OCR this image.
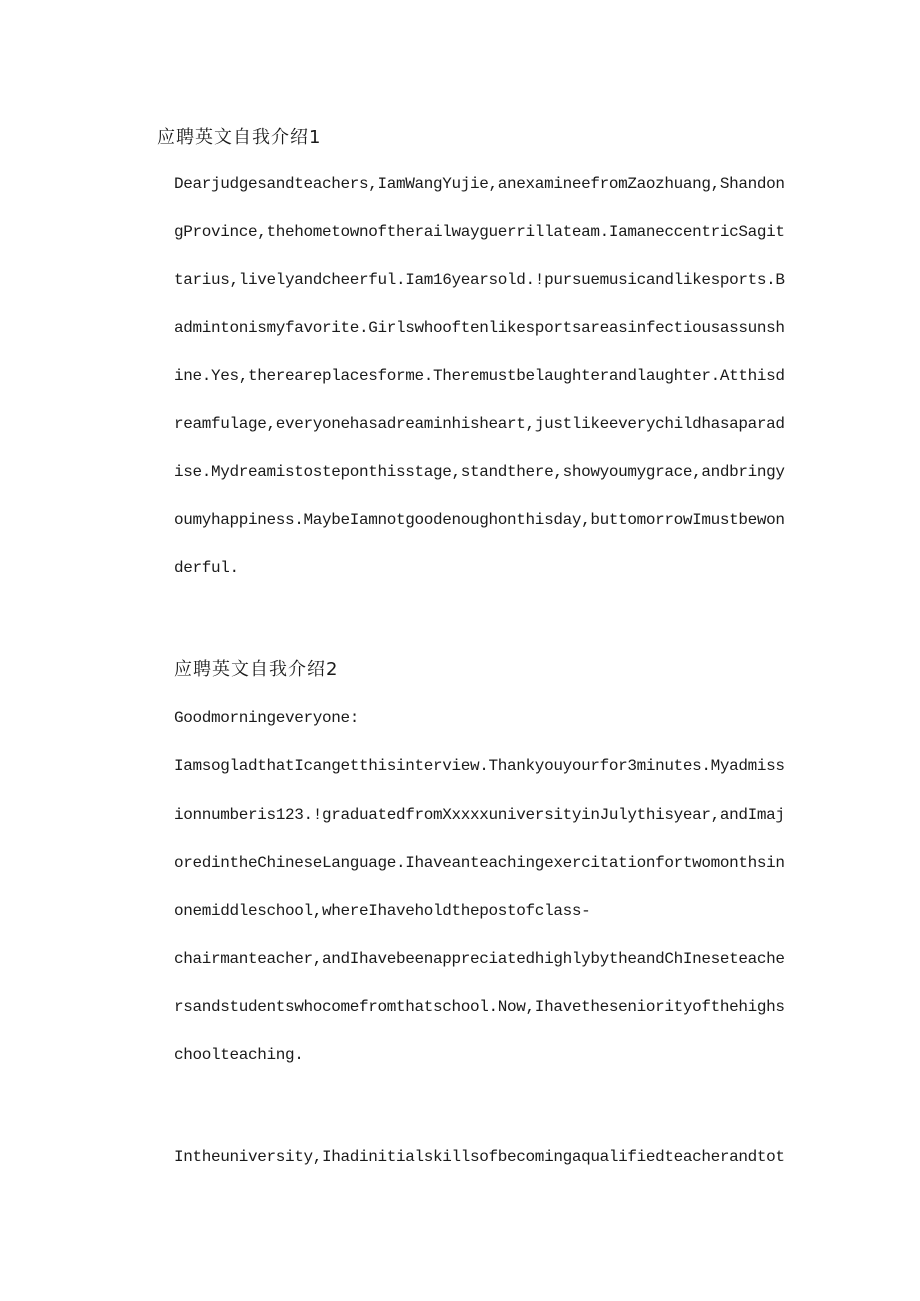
应聘英文自我介绍1
Dearjudgesandteachers,IamWangYujie,anexamineefromZaozhuang,Shandon
gProvince,thehometownoftherailwayguerrillateam.IamaneccentricSagit
tarius,livelyandcheerful.Iam16yearsold.!pursuemusicandlikesports.B
admintonismyfavorite.Girlswhooftenlikesportsareasinfectiousassunsh
ine.Yes,thereareplacesforme.Theremustbelaughterandlaughter.Atthisd
reamfulage,everyonehasadreaminhisheart,justlikeeverychildhasaparad
ise.Mydreamistosteponthisstage,standthere,showyoumygrace,andbringy
oumyhappiness.MaybeIamnotgoodenoughonthisday,buttomorrowImustbewon
derful.
应聘英文自我介绍2
Goodmorningeveryone:
IamsogladthatIcangetthisinterview.Thankyouyourfor3minutes.Myadmiss
ionnumberis123.!graduatedfromXxxxxuniversityinJulythisyear,andImaj
oredintheChineseLanguage.Ihaveanteachingexercitationfortwomonthsin
onemiddleschool,whereIhaveholdthepostofclass-
chairmanteacher,andIhavebeenappreciatedhighlybytheandChIneseteache
rsandstudentswhocomefromthatschool.Now,Ihavetheseniorityofthehighs
choolteaching.
Intheuniversity,Ihadinitialskillsofbecomingaqualifiedteacherandtot
